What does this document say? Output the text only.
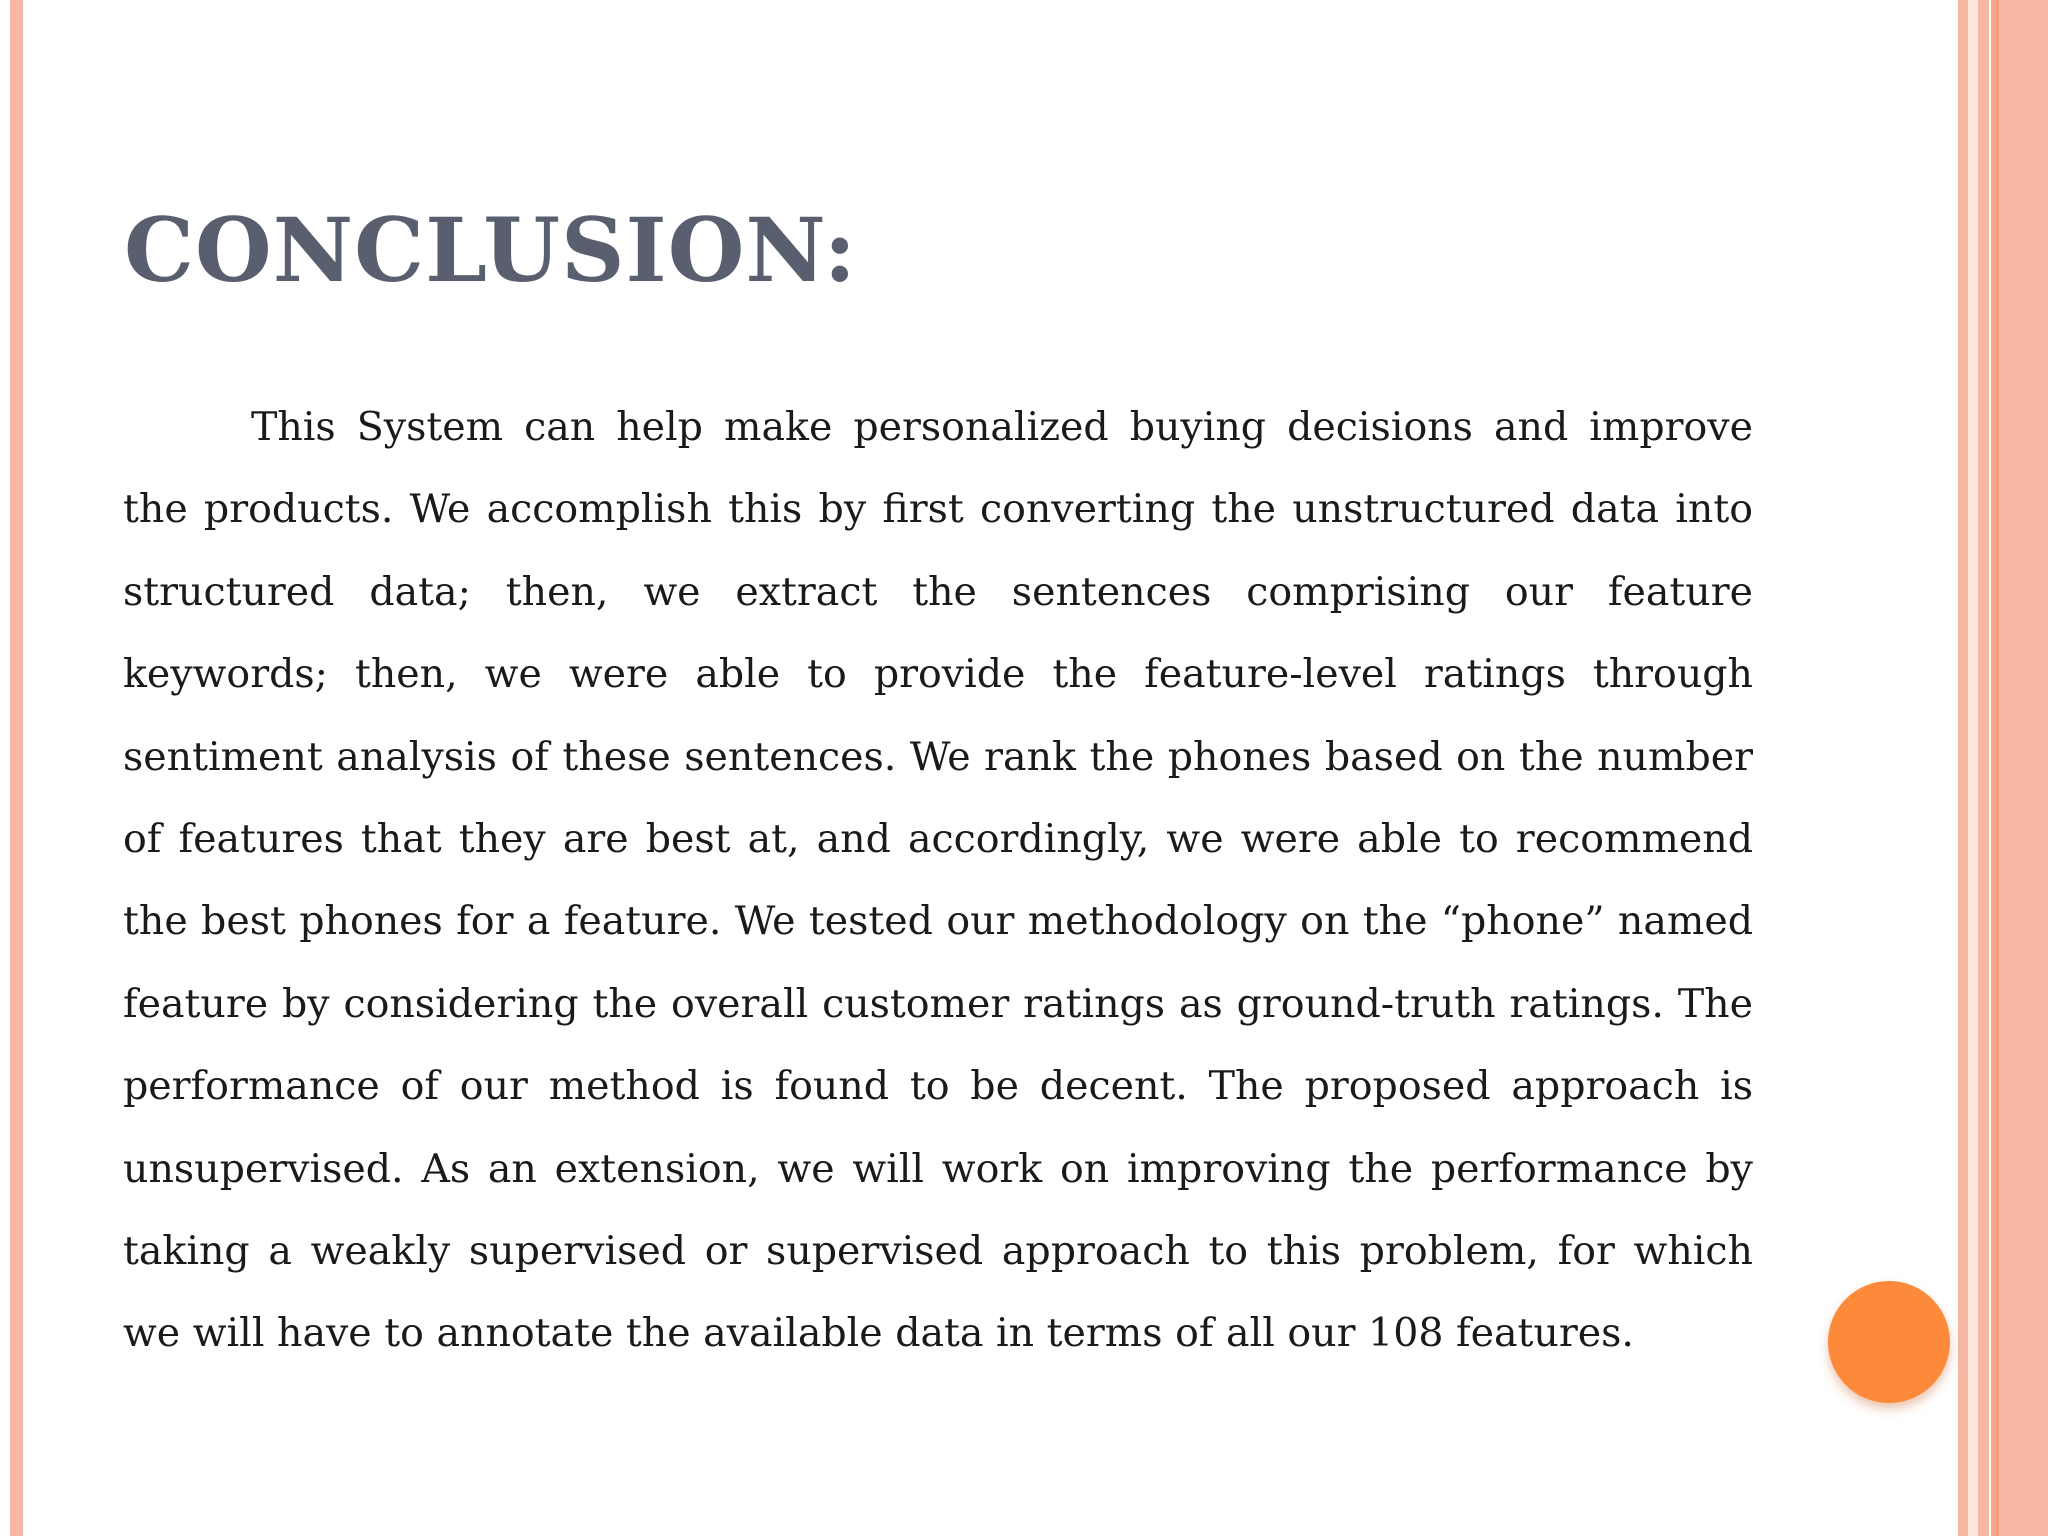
CONCLUSION:

This System can help make personalized buying decisions and improve the products. We accomplish this by first converting the unstructured data into structured data; then, we extract the sentences comprising our feature keywords; then, we were able to provide the feature-level ratings through sentiment analysis of these sentences. We rank the phones based on the number of features that they are best at, and accordingly, we were able to recommend the best phones for a feature. We tested our methodology on the “phone” named feature by considering the overall customer ratings as ground-truth ratings. The performance of our method is found to be decent. The proposed approach is unsupervised. As an extension, we will work on improving the performance by taking a weakly supervised or supervised approach to this problem, for which we will have to annotate the available data in terms of all our 108 features.
